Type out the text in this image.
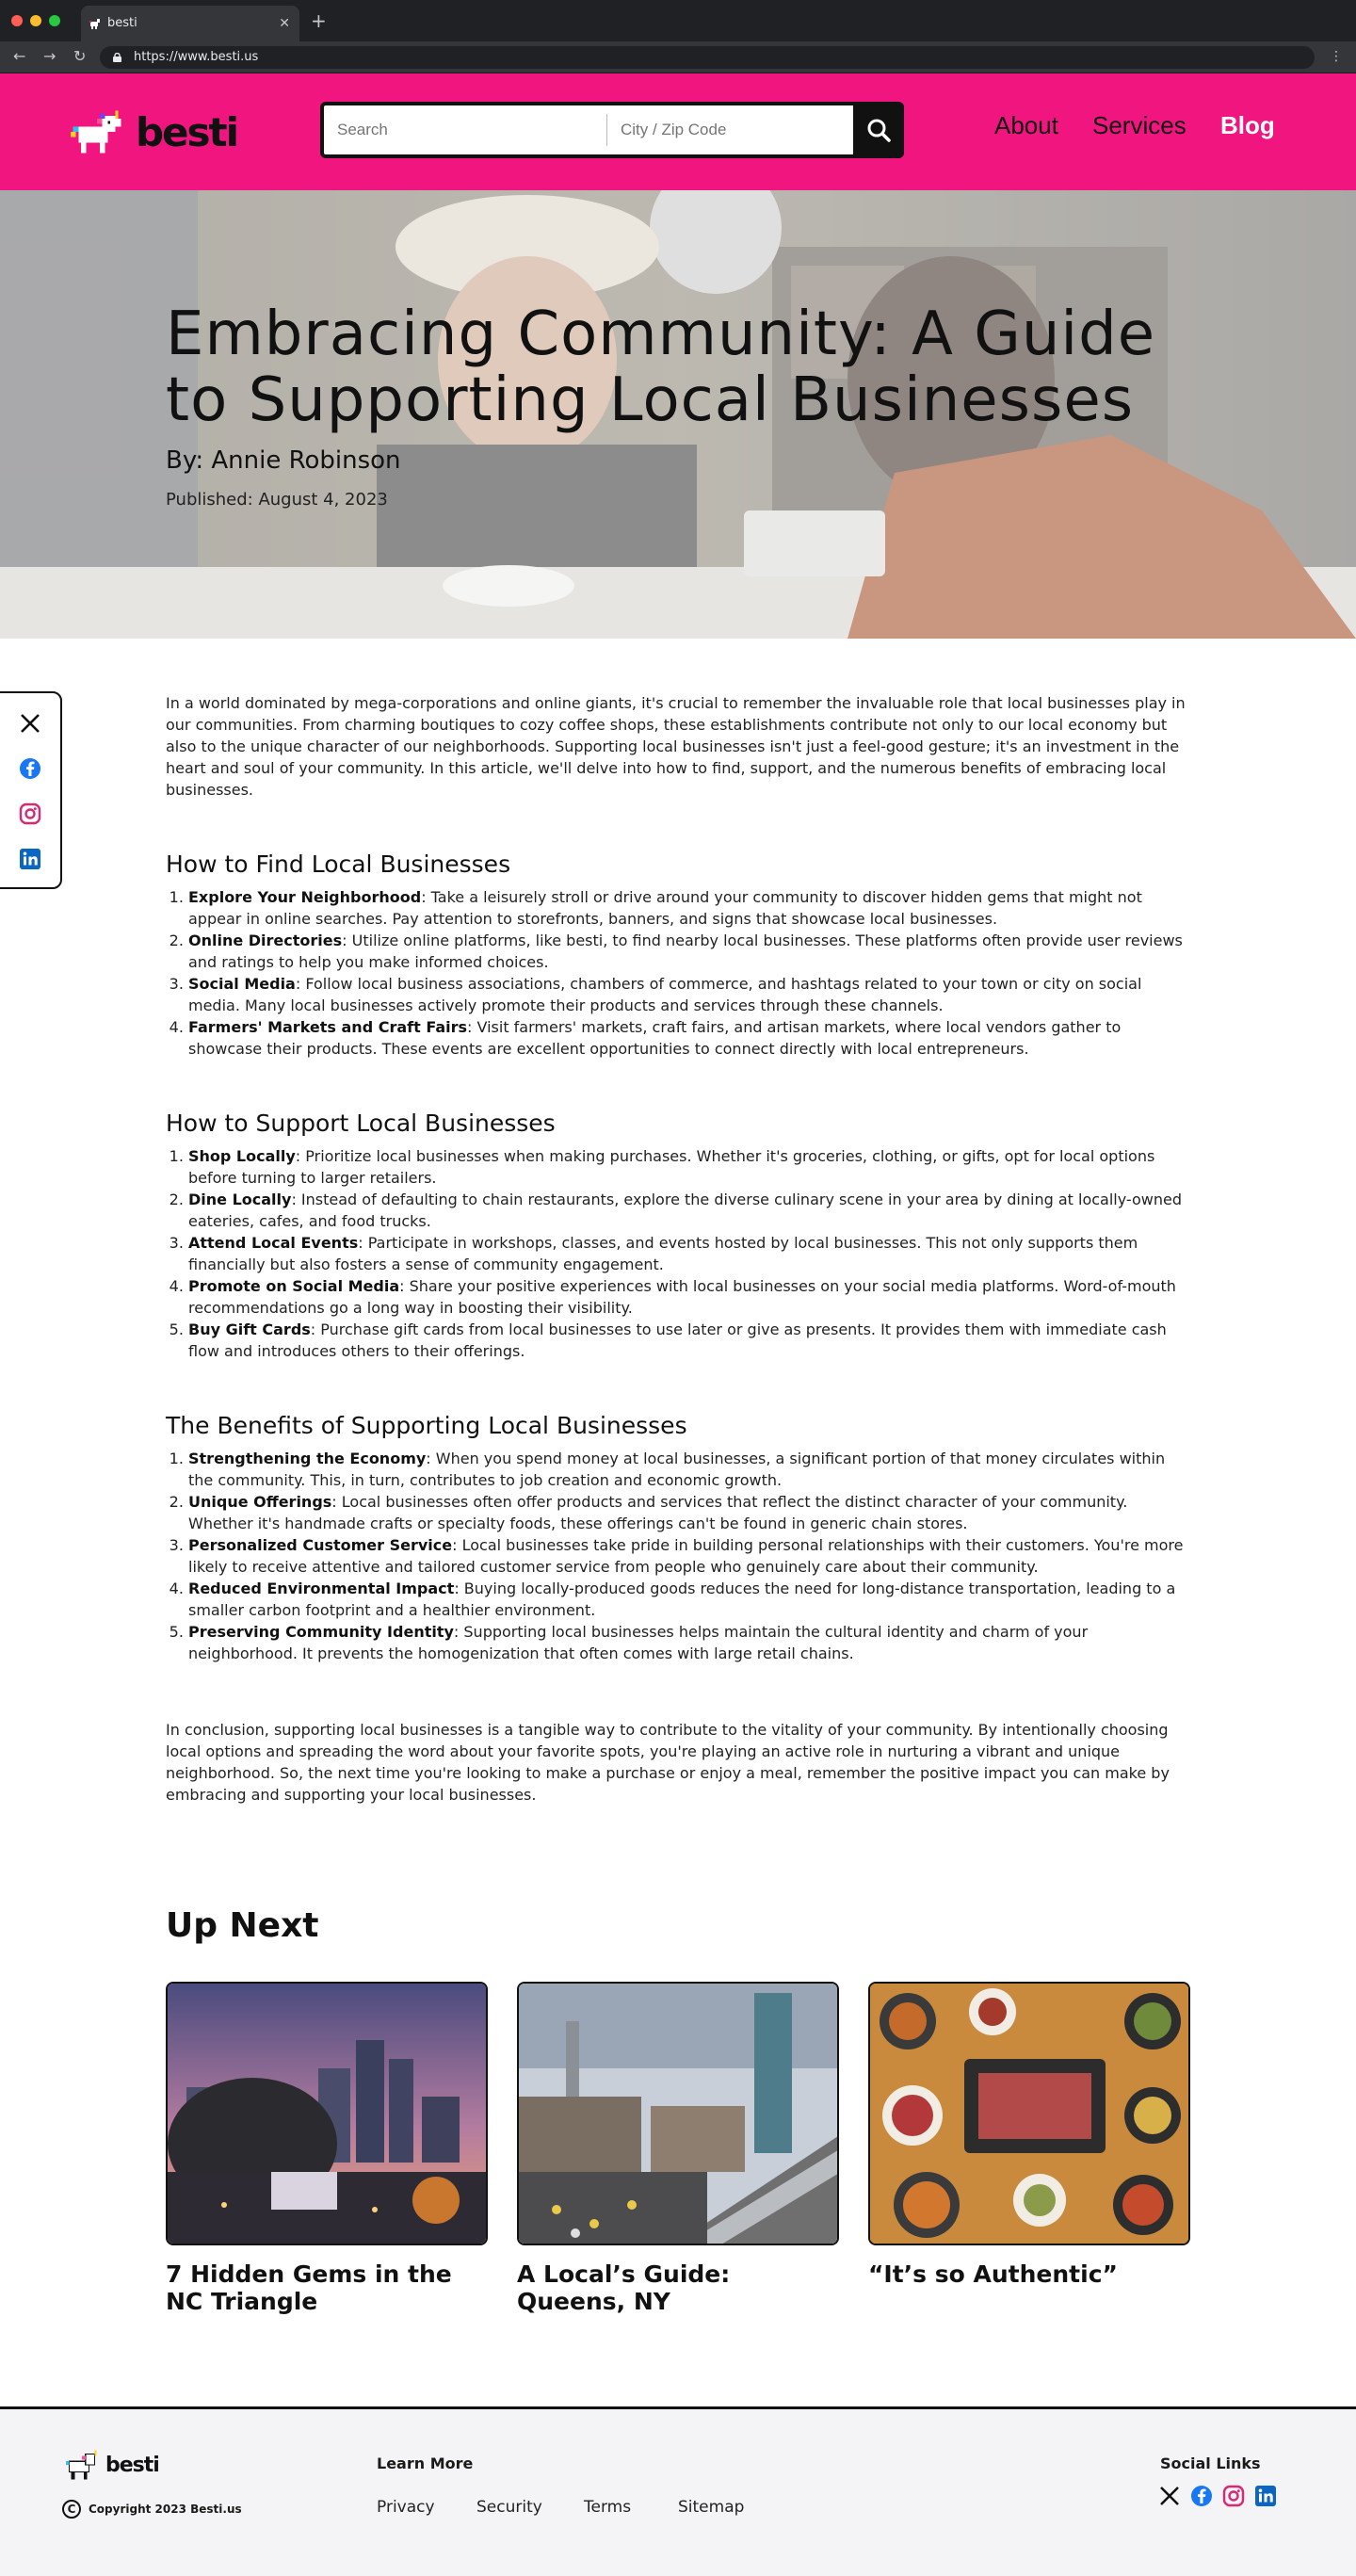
besti	✕ +
← → ↻	https://www.besti.us	⋮
besti
Search
City / Zip Code	About Services Blog
Embracing Community: A Guide to Supporting Local Businesses
By: Annie Robinson
Published: August 4, 2023

In a world dominated by mega-corporations and online giants, it's crucial to remember the invaluable role that local businesses play in our communities. From charming boutiques to cozy coffee shops, these establishments contribute not only to our local economy but also to the unique character of our neighborhoods. Supporting local businesses isn't just a feel-good gesture; it's an investment in the heart and soul of your community. In this article, we'll delve into how to find, support, and the numerous benefits of embracing local businesses.

How to Find Local Businesses
1. Explore Your Neighborhood: Take a leisurely stroll or drive around your community to discover hidden gems that might not appear in online searches. Pay attention to storefronts, banners, and signs that showcase local businesses.
2. Online Directories: Utilize online platforms, like besti, to find nearby local businesses. These platforms often provide user reviews and ratings to help you make informed choices.
3. Social Media: Follow local business associations, chambers of commerce, and hashtags related to your town or city on social media. Many local businesses actively promote their products and services through these channels.
4. Farmers' Markets and Craft Fairs: Visit farmers' markets, craft fairs, and artisan markets, where local vendors gather to showcase their products. These events are excellent opportunities to connect directly with local entrepreneurs.
How to Support Local Businesses
1. Shop Locally: Prioritize local businesses when making purchases. Whether it's groceries, clothing, or gifts, opt for local options before turning to larger retailers.
2. Dine Locally: Instead of defaulting to chain restaurants, explore the diverse culinary scene in your area by dining at locally-owned eateries, cafes, and food trucks.
3. Attend Local Events: Participate in workshops, classes, and events hosted by local businesses. This not only supports them financially but also fosters a sense of community engagement.
4. Promote on Social Media: Share your positive experiences with local businesses on your social media platforms. Word-of-mouth recommendations go a long way in boosting their visibility.
5. Buy Gift Cards: Purchase gift cards from local businesses to use later or give as presents. It provides them with immediate cash flow and introduces others to their offerings.
The Benefits of Supporting Local Businesses
1. Strengthening the Economy: When you spend money at local businesses, a significant portion of that money circulates within the community. This, in turn, contributes to job creation and economic growth.
2. Unique Offerings: Local businesses often offer products and services that reflect the distinct character of your community. Whether it's handmade crafts or specialty foods, these offerings can't be found in generic chain stores.
3. Personalized Customer Service: Local businesses take pride in building personal relationships with their customers. You're more likely to receive attentive and tailored customer service from people who genuinely care about their community.
4. Reduced Environmental Impact: Buying locally-produced goods reduces the need for long-distance transportation, leading to a smaller carbon footprint and a healthier environment.
5. Preserving Community Identity: Supporting local businesses helps maintain the cultural identity and charm of your neighborhood. It prevents the homogenization that often comes with large retail chains.

In conclusion, supporting local businesses is a tangible way to contribute to the vitality of your community. By intentionally choosing local options and spreading the word about your favorite spots, you're playing an active role in nurturing a vibrant and unique neighborhood. So, the next time you're looking to make a purchase or enjoy a meal, remember the positive impact you can make by embracing and supporting your local businesses.

Up Next
7 Hidden Gems in the NC Triangle
A Local’s Guide: Queens, NY
“It’s so Authentic”
besti
C	Copyright 2023 Besti.us
Learn More
Privacy	Security	Terms	Sitemap
Social Links
